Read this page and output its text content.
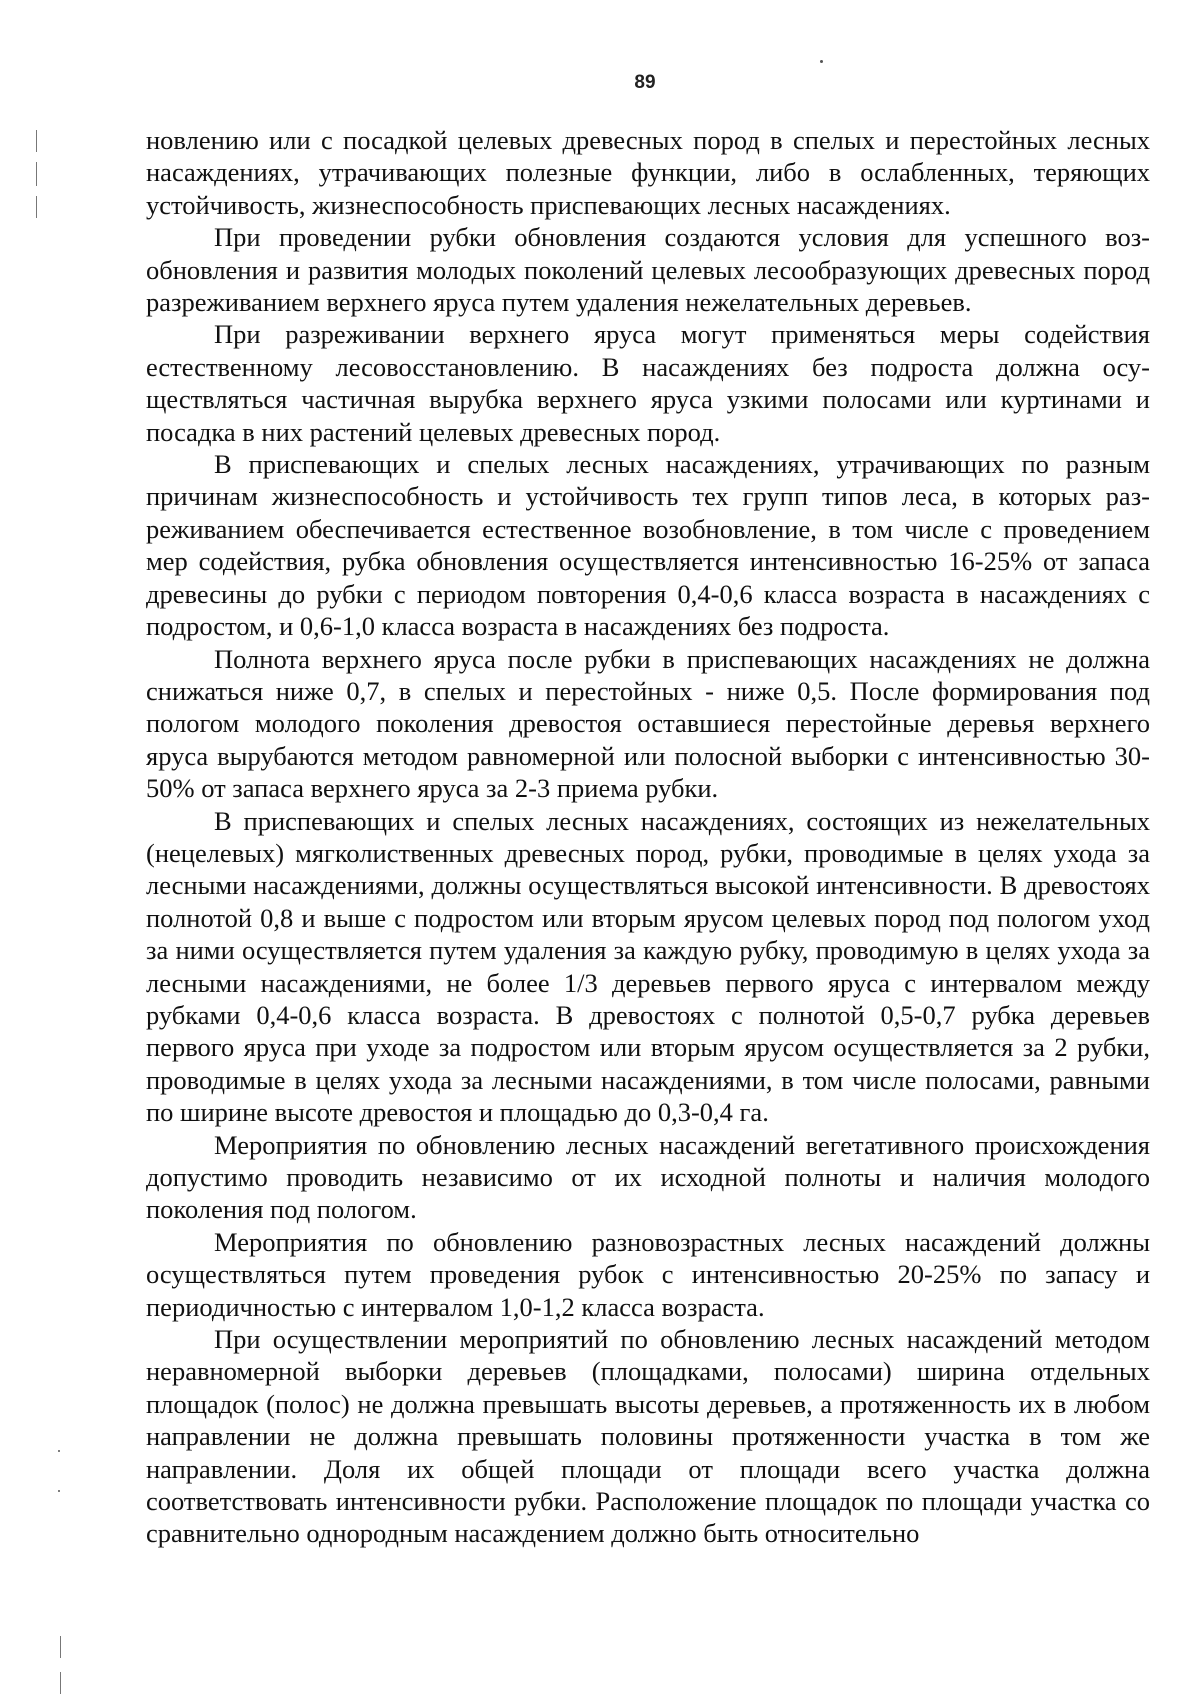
89

новлению или с посадкой целевых древесных пород в спелых и перестойных лесных насаждениях, утрачивающих полезные функции, либо в ослабленных, теряющих устойчивость, жизнеспособность приспевающих лесных насаждениях.

При проведении рубки обновления создаются условия для успешного возобновления и развития молодых поколений целевых лесообразующих древесных пород разреживанием верхнего яруса путем удаления нежелательных деревьев.

При разреживании верхнего яруса могут применяться меры содействия естественному лесовосстановлению. В насаждениях без подроста должна осуществляться частичная вырубка верхнего яруса узкими полосами или куртинами и посадка в них растений целевых древесных пород.

В приспевающих и спелых лесных насаждениях, утрачивающих по разным причинам жизнеспособность и устойчивость тех групп типов леса, в которых разреживанием обеспечивается естественное возобновление, в том числе с проведением мер содействия, рубка обновления осуществляется интенсивностью 16-25% от запаса древесины до рубки с периодом повторения 0,4-0,6 класса возраста в насаждениях с подростом, и 0,6-1,0 класса возраста в насаждениях без подроста.

Полнота верхнего яруса после рубки в приспевающих насаждениях не должна снижаться ниже 0,7, в спелых и перестойных - ниже 0,5. После формирования под пологом молодого поколения древостоя оставшиеся перестойные деревья верхнего яруса вырубаются методом равномерной или полосной выборки с интенсивностью 30-50% от запаса верхнего яруса за 2-3 приема рубки.

В приспевающих и спелых лесных насаждениях, состоящих из нежелательных (нецелевых) мягколиственных древесных пород, рубки, проводимые в целях ухода за лесными насаждениями, должны осуществляться высокой интенсивности. В древостоях полнотой 0,8 и выше с подростом или вторым ярусом целевых пород под пологом уход за ними осуществляется путем удаления за каждую рубку, проводимую в целях ухода за лесными насаждениями, не более 1/3 деревьев первого яруса с интервалом между рубками 0,4-0,6 класса возраста. В древостоях с полнотой 0,5-0,7 рубка деревьев первого яруса при уходе за подростом или вторым ярусом осуществляется за 2 рубки, проводимые в целях ухода за лесными насаждениями, в том числе полосами, равными по ширине высоте древостоя и площадью до 0,3-0,4 га.

Мероприятия по обновлению лесных насаждений вегетативного происхождения допустимо проводить независимо от их исходной полноты и наличия молодого поколения под пологом.

Мероприятия по обновлению разновозрастных лесных насаждений должны осуществляться путем проведения рубок с интенсивностью 20-25% по запасу и периодичностью с интервалом 1,0-1,2 класса возраста.

При осуществлении мероприятий по обновлению лесных насаждений методом неравномерной выборки деревьев (площадками, полосами) ширина отдельных площадок (полос) не должна превышать высоты деревьев, а протяженность их в любом направлении не должна превышать половины протяженности участка в том же направлении. Доля их общей площади от площади всего участка должна соответствовать интенсивности рубки. Расположение площадок по площади участка со сравнительно однородным насаждением должно быть относительно
